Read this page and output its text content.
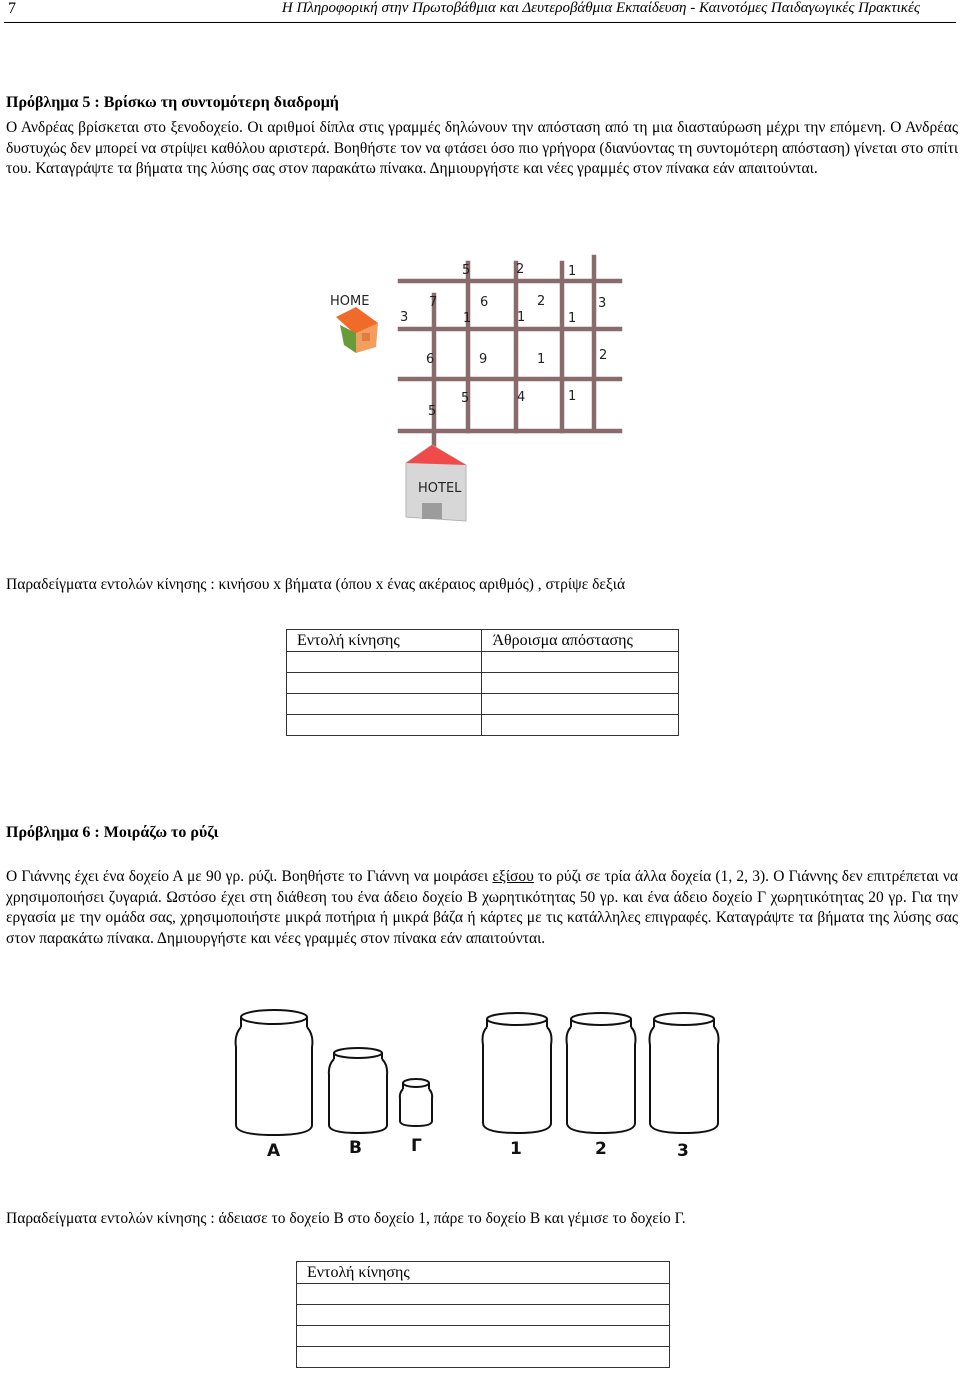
7	Η Πληροφορική στην Πρωτοβάθμια και Δευτεροβάθμια Εκπαίδευση - Καινοτόμες Παιδαγωγικές Πρακτικές
Πρόβλημα 5 : Βρίσκω τη συντομότερη διαδρομή
Ο Ανδρέας βρίσκεται στο ξενοδοχείο. Οι αριθμοί δίπλα στις γραμμές δηλώνουν την απόσταση από τη μια διασταύρωση μέχρι την επόμενη. Ο Ανδρέας δυστυχώς δεν μπορεί να στρίψει καθόλου αριστερά. Βοηθήστε τον να φτάσει όσο πιο γρήγορα (διανύοντας τη συντομότερη απόσταση) γίνεται στο σπίτι του. Καταγράψτε τα βήματα της λύσης σας στον παρακάτω πίνακα. Δημιουργήστε και νέες γραμμές στον πίνακα εάν απαιτούνται.
HOME
HOTEL
5	2	1
7	6	2	3
3	1	1	1
6	9	1	2
5
5	4	1
Παραδείγματα εντολών κίνησης : κινήσου x βήματα (όπου x ένας ακέραιος αριθμός) , στρίψε δεξιά
Εντολή κίνησης	Άθροισμα απόστασης

Πρόβλημα 6 : Μοιράζω το ρύζι
Ο Γιάννης έχει ένα δοχείο Α με 90 γρ. ρύζι. Βοηθήστε το Γιάννη να μοιράσει εξίσου το ρύζι σε τρία άλλα δοχεία (1, 2, 3). Ο Γιάννης δεν επιτρέπεται να χρησιμοποιήσει ζυγαριά. Ωστόσο έχει στη διάθεση του ένα άδειο δοχείο Β χωρητικότητας 50 γρ. και ένα άδειο δοχείο Γ χωρητικότητας 20 γρ. Για την εργασία με την ομάδα σας, χρησιμοποιήστε μικρά ποτήρια ή μικρά βάζα ή κάρτες με τις κατάλληλες επιγραφές. Καταγράψτε τα βήματα της λύσης σας στον παρακάτω πίνακα. Δημιουργήστε και νέες γραμμές στον πίνακα εάν απαιτούνται.
Α	Β	Γ	1	2	3
Παραδείγματα εντολών κίνησης : άδειασε το δοχείο Β στο δοχείο 1, πάρε το δοχείο Β και γέμισε το δοχείο Γ.
Εντολή κίνησης
